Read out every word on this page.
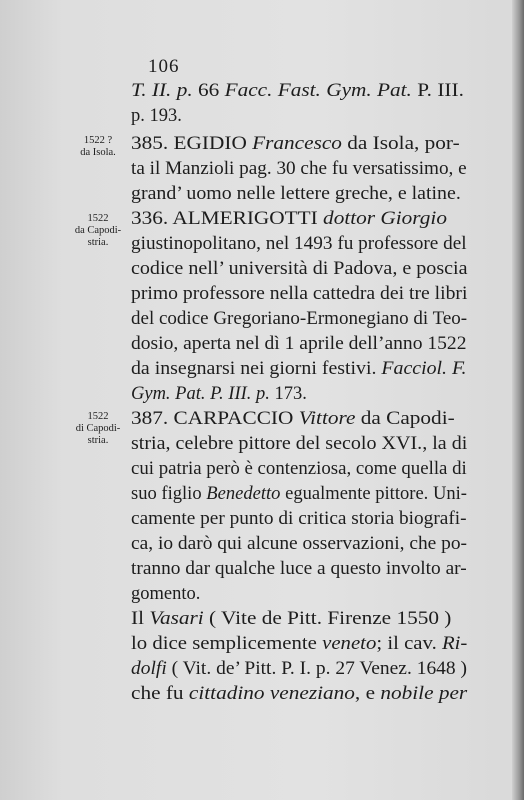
106
1522 ?
da Isola.
1522
da Capodi-
stria.
1522
di Capodi-
stria.
T. II. p. 66 Facc. Fast. Gym. Pat. P. III.
p. 193.
385. EGIDIO Francesco da Isola, por-
ta il Manzioli pag. 30 che fu versatissimo, e
grand’ uomo nelle lettere greche, e latine.
336. ALMERIGOTTI dottor Giorgio
giustinopolitano, nel 1493 fu professore del
codice nell’ università di Padova, e poscia
primo professore nella cattedra dei tre libri
del codice Gregoriano-Ermonegiano di Teo-
dosio, aperta nel dì 1 aprile dell’anno 1522
da insegnarsi nei giorni festivi. Facciol. F.
Gym. Pat. P. III. p. 173.
387. CARPACCIO Vittore da Capodi-
stria, celebre pittore del secolo XVI., la di
cui patria però è contenziosa, come quella di
suo figlio Benedetto egualmente pittore. Uni-
camente per punto di critica storia biografi-
ca, io darò qui alcune osservazioni, che po-
tranno dar qualche luce a questo involto ar-
gomento.
Il Vasari ( Vite de Pitt. Firenze 1550 )
lo dice semplicemente veneto; il cav. Ri-
dolfi ( Vit. de’ Pitt. P. I. p. 27 Venez. 1648 )
che fu cittadino veneziano, e nobile per
